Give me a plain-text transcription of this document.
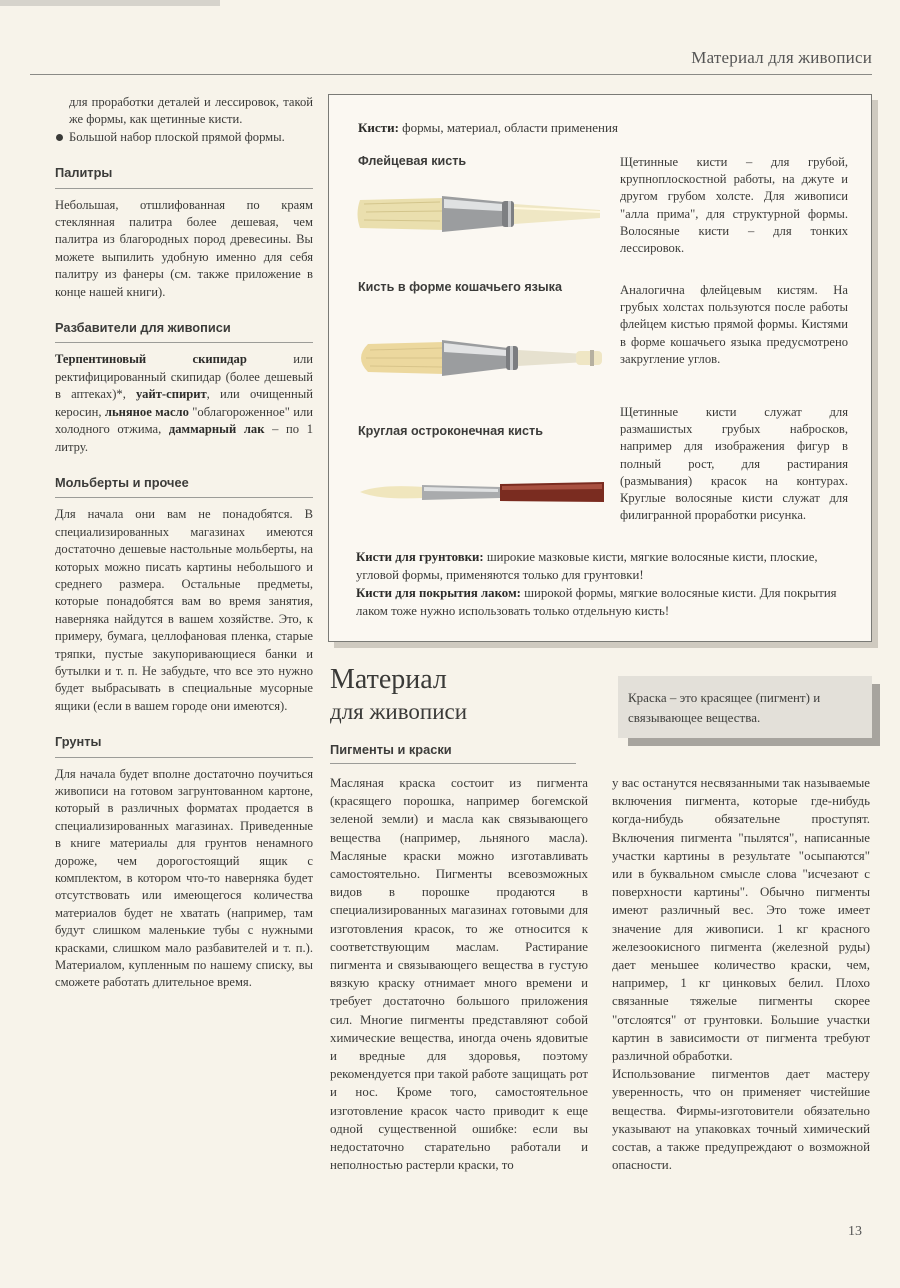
Материал для живописи

для проработки деталей и лессировок, такой же формы, как щетинные кисти.

Большой набор плоской прямой формы.

Палитры

Небольшая, отшлифованная по краям стеклянная палитра более дешевая, чем палитра из благородных пород древесины. Вы можете выпилить удобную именно для себя палитру из фанеры (см. также приложение в конце нашей книги).

Разбавители для живописи

Терпентиновый скипидар или ректифицированный скипидар (более дешевый в аптеках)*, уайт-спирит, или очищенный керосин, льняное масло "облагороженное" или холодного отжима, даммарный лак – по 1 литру.

Мольберты и прочее

Для начала они вам не понадобятся. В специализированных магазинах имеются достаточно дешевые настольные мольберты, на которых можно писать картины небольшого и среднего размера. Остальные предметы, которые понадобятся вам во время занятия, наверняка найдутся в вашем хозяйстве. Это, к примеру, бумага, целлофановая пленка, старые тряпки, пустые закупоривающиеся банки и бутылки и т. п. Не забудьте, что все это нужно будет выбрасывать в специальные мусорные ящики (если в вашем городе они имеются).

Грунты

Для начала будет вполне достаточно поучиться живописи на готовом загрунтованном картоне, который в различных форматах продается в специализированных магазинах. Приведенные в книге материалы для грунтов ненамного дороже, чем дорогостоящий ящик с комплектом, в котором что-то наверняка будет отсутствовать или имеющегося количества материалов будет не хватать (например, там будут слишком маленькие тубы с нужными красками, слишком мало разбавителей и т. п.). Материалом, купленным по нашему списку, вы сможете работать длительное время.

Кисти: формы, материал, области применения
Флейцевая кисть	Щетинные кисти – для грубой, крупноплоскостной работы, на джуте и другом грубом холсте. Для живописи "алла прима", для структурной формы. Волосяные кисти – для тонких лессировок.

Кисть в форме кошачьего языка	Аналогична флейцевым кистям. На грубых холстах пользуются после работы флейцем кистью прямой формы. Кистями в форме кошачьего языка предусмотрено закругление углов.

Круглая остроконечная кисть

Щетинные кисти служат для размашистых грубых набросков, например для изображения фигур в полный рост, для растирания (размывания) красок на контурах. Круглые волосяные кисти служат для филигранной проработки рисунка.

Кисти для грунтовки: широкие мазковые кисти, мягкие волосяные кисти, плоские, угловой формы, применяются только для грунтовки!

Кисти для покрытия лаком: широкой формы, мягкие волосяные кисти. Для покрытия лаком тоже нужно использовать только отдельную кисть!

Материал
для живописи

Краска – это красящее (пигмент) и связывающее вещества.

Пигменты и краски

Масляная краска состоит из пигмента (красящего порошка, например богемской зеленой земли) и масла как связывающего вещества (например, льняного масла). Масляные краски можно изготавливать самостоятельно. Пигменты всевозможных видов в порошке продаются в специализированных магазинах готовыми для изготовления красок, то же относится к соответствующим маслам. Растирание пигмента и связывающего вещества в густую вязкую краску отнимает много времени и требует достаточно большого приложения сил. Многие пигменты представляют собой химические вещества, иногда очень ядовитые и вредные для здоровья, поэтому рекомендуется при такой работе защищать рот и нос. Кроме того, самостоятельное изготовление красок часто приводит к еще одной существенной ошибке: если вы недостаточно старательно работали и неполностью растерли краски, то

у вас останутся несвязанными так называемые включения пигмента, которые где-нибудь когда-нибудь обязательне проступят. Включения пигмента "пылятся", написанные участки картины в результате "осыпаются" или в буквальном смысле слова "исчезают с поверхности картины". Обычно пигменты имеют различный вес. Это тоже имеет значение для живописи. 1 кг красного железоокисного пигмента (железной руды) дает меньшее количество краски, чем, например, 1 кг цинковых белил. Плохо связанные тяжелые пигменты скорее "отслоятся" от грунтовки. Большие участки картин в зависимости от пигмента требуют различной обработки.

Использование пигментов дает мастеру уверенность, что он применяет чистейшие вещества. Фирмы-изготовители обязательно указывают на упаковках точный химический состав, а также предупреждают о возможной опасности.

13
